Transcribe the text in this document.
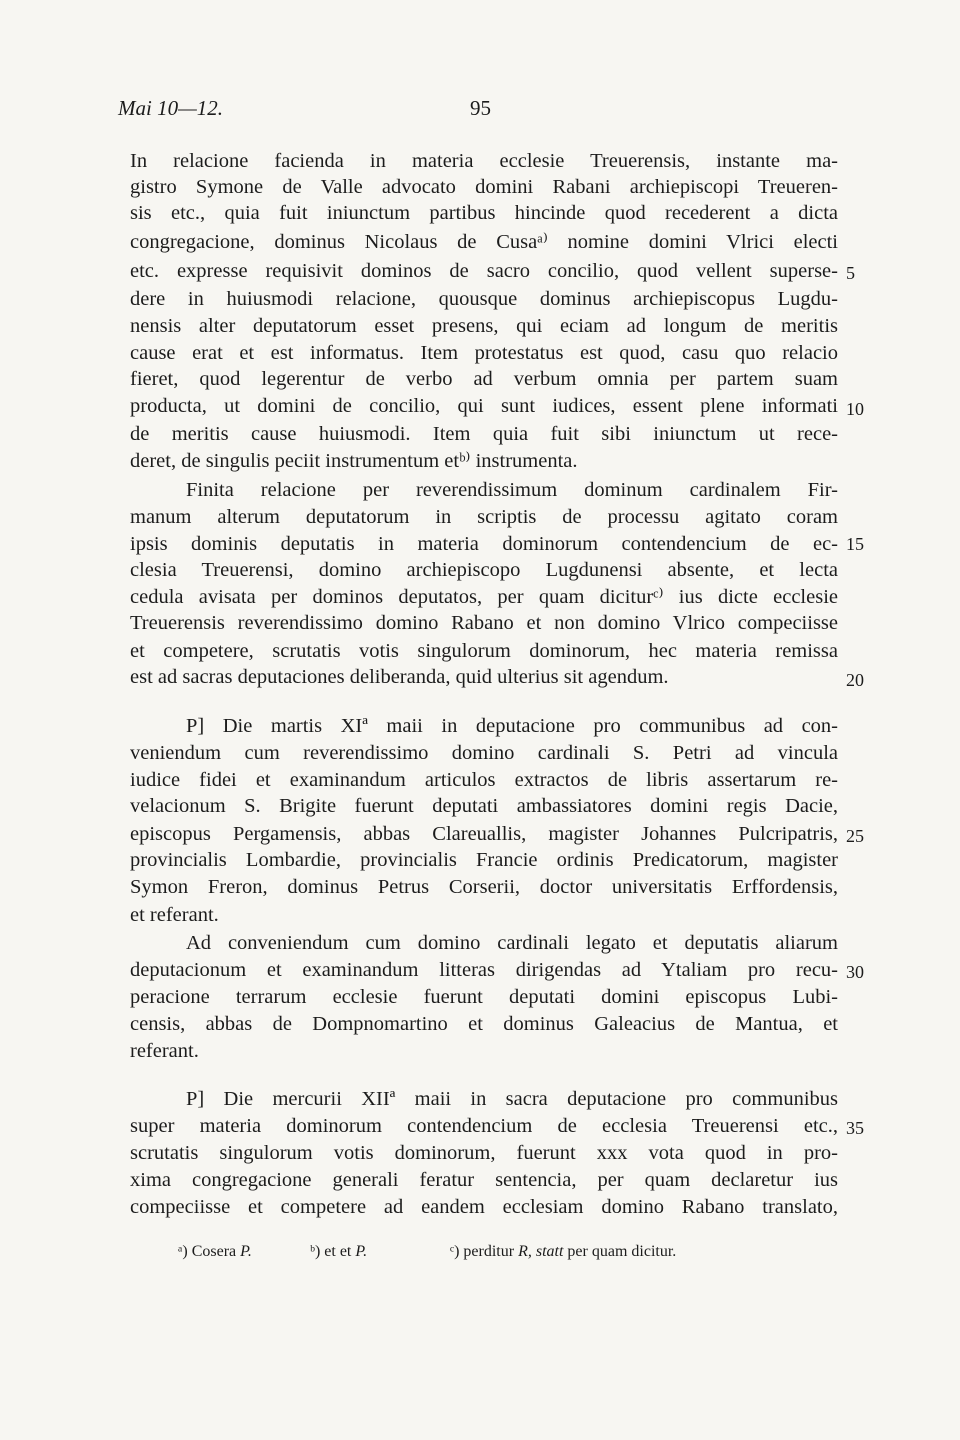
Mai 10—12.	95
In relacione facienda in materia ecclesie Treuerensis, instante ma-
gistro Symone de Valle advocato domini Rabani archiepiscopi Treueren-
sis etc., quia fuit iniunctum partibus hincinde quod recederent a dicta
congregacione, dominus Nicolaus de Cusaᵃ⁾ nomine domini Vlrici electi
etc. expresse requisivit dominos de sacro concilio, quod vellent superse-
dere in huiusmodi relacione, quousque dominus archiepiscopus Lugdu-
nensis alter deputatorum esset presens, qui eciam ad longum de meritis
cause erat et est informatus. Item protestatus est quod, casu quo relacio
fieret, quod legerentur de verbo ad verbum omnia per partem suam
producta, ut domini de concilio, qui sunt iudices, essent plene informati
de meritis cause huiusmodi. Item quia fuit sibi iniunctum ut rece-
deret, de singulis peciit instrumentum etᵇ⁾ instrumenta.
Finita relacione per reverendissimum dominum cardinalem Fir-
manum alterum deputatorum in scriptis de processu agitato coram
ipsis dominis deputatis in materia dominorum contendencium de ec-
clesia Treuerensi, domino archiepiscopo Lugdunensi absente, et lecta
cedula avisata per dominos deputatos, per quam diciturᶜ⁾ ius dicte ecclesie
Treuerensis reverendissimo domino Rabano et non domino Vlrico compeciisse
et competere, scrutatis votis singulorum dominorum, hec materia remissa
est ad sacras deputaciones deliberanda, quid ulterius sit agendum.
P] Die martis XIª maii in deputacione pro communibus ad con-
veniendum cum reverendissimo domino cardinali S. Petri ad vincula
iudice fidei et examinandum articulos extractos de libris assertarum re-
velacionum S. Brigite fuerunt deputati ambassiatores domini regis Dacie,
episcopus Pergamensis, abbas Clareuallis, magister Johannes Pulcripatris,
provincialis Lombardie, provincialis Francie ordinis Predicatorum, magister
Symon Freron, dominus Petrus Corserii, doctor universitatis Erffordensis,
et referant.
Ad conveniendum cum domino cardinali legato et deputatis aliarum
deputacionum et examinandum litteras dirigendas ad Ytaliam pro recu-
peracione terrarum ecclesie fuerunt deputati domini episcopus Lubi-
censis, abbas de Dompnomartino et dominus Galeacius de Mantua, et
referant.
P] Die mercurii XIIª maii in sacra deputacione pro communibus
super materia dominorum contendencium de ecclesia Treuerensi etc.,
scrutatis singulorum votis dominorum, fuerunt xxx vota quod in pro-
xima congregacione generali feratur sentencia, per quam declaretur ius
compeciisse et competere ad eandem ecclesiam domino Rabano translato,
5
10
15
20
25
30
35
ᵃ) Cosera P.	ᵇ) et et P.	ᶜ) perditur R, statt per quam dicitur.
